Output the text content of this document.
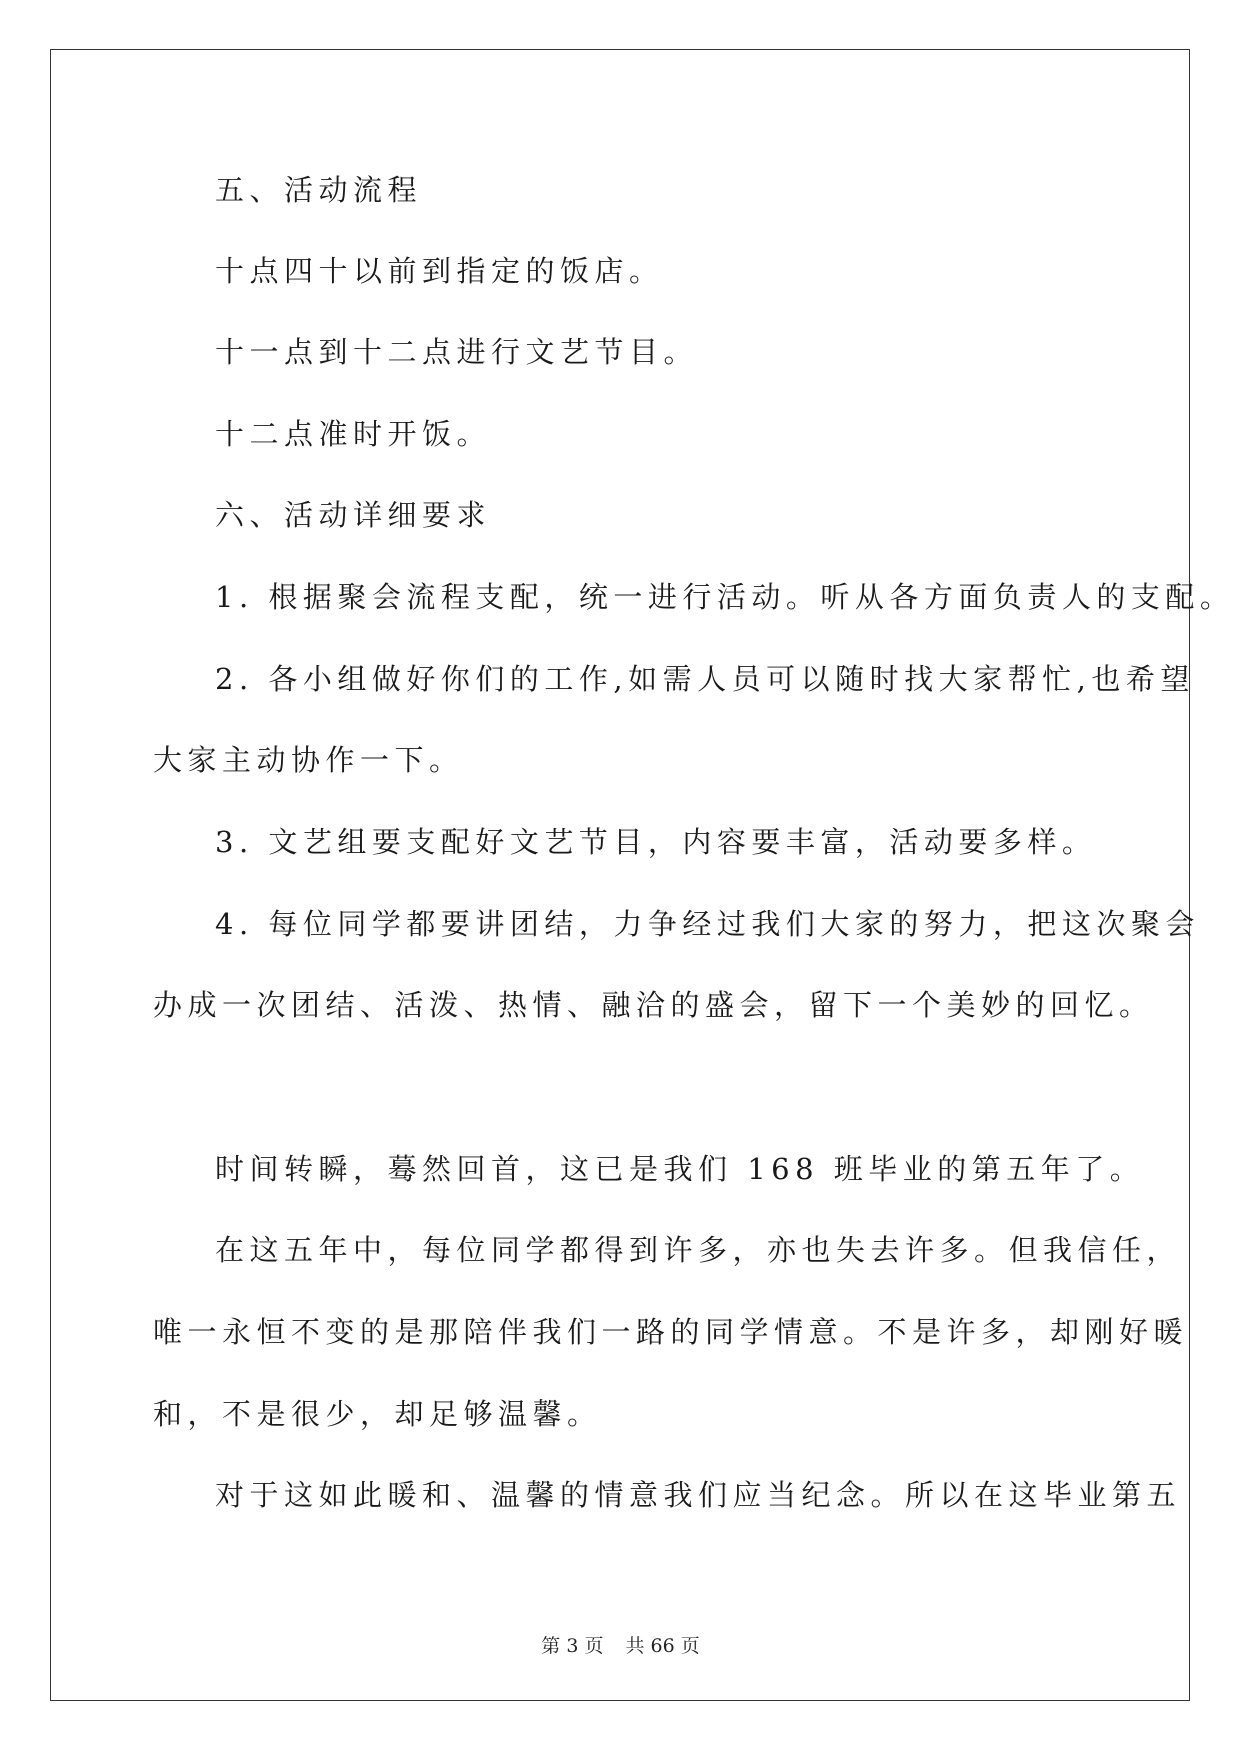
五、活动流程
十点四十以前到指定的饭店。
十一点到十二点进行文艺节目。
十二点准时开饭。
六、活动详细要求
1. 根据聚会流程支配，统一进行活动。听从各方面负责人的支配。
2. 各小组做好你们的工作,如需人员可以随时找大家帮忙,也希望
大家主动协作一下。
3. 文艺组要支配好文艺节目，内容要丰富，活动要多样。
4. 每位同学都要讲团结，力争经过我们大家的努力，把这次聚会
办成一次团结、活泼、热情、融洽的盛会，留下一个美妙的回忆。
时间转瞬，蓦然回首，这已是我们 168 班毕业的第五年了。
在这五年中，每位同学都得到许多，亦也失去许多。但我信任，
唯一永恒不变的是那陪伴我们一路的同学情意。不是许多，却刚好暖
和，不是很少，却足够温馨。
对于这如此暖和、温馨的情意我们应当纪念。所以在这毕业第五
第 3 页 共 66 页
